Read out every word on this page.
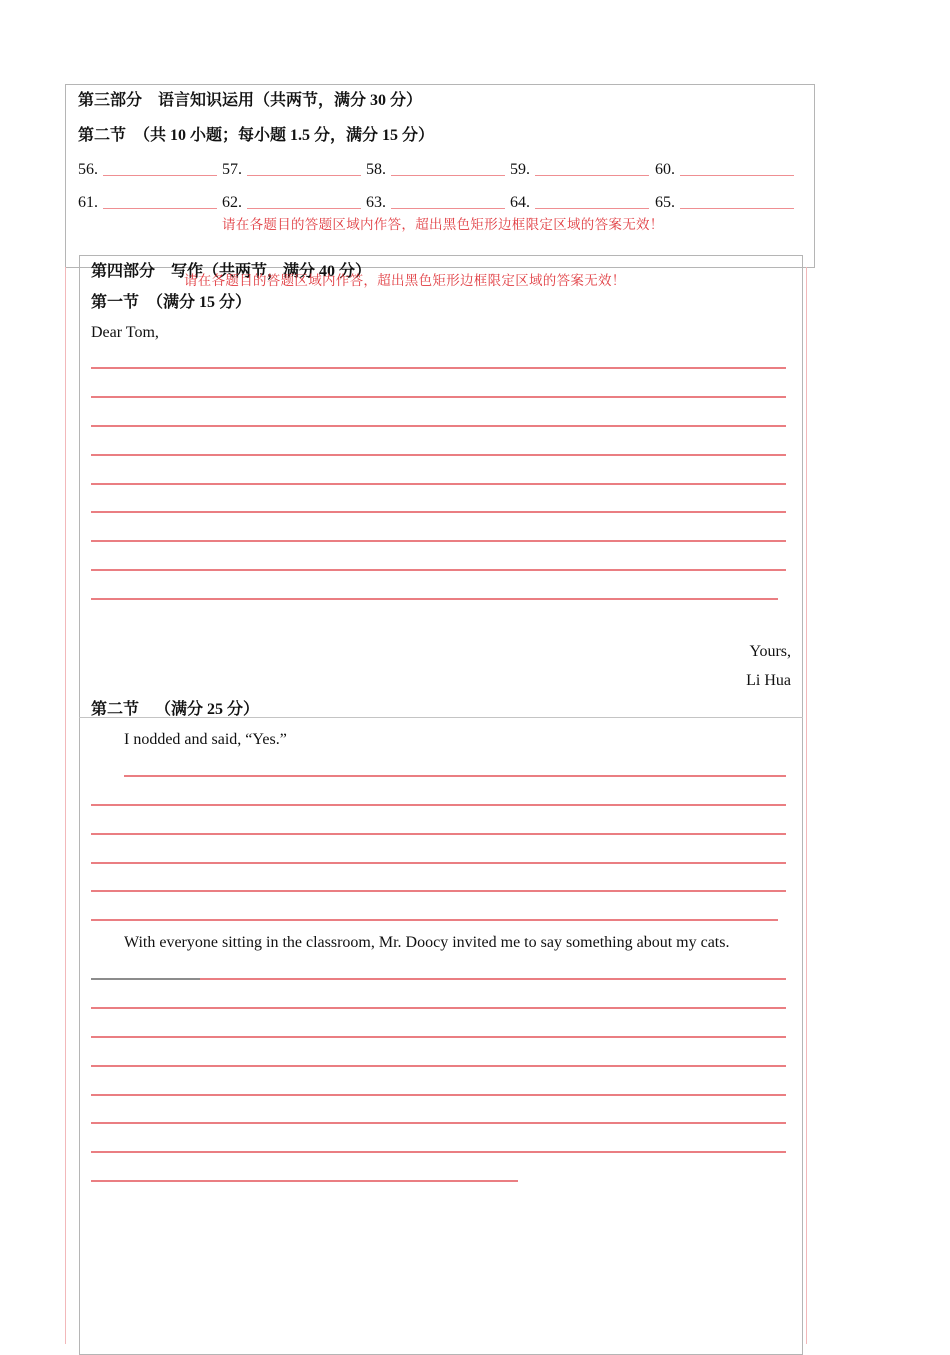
第三部分    语言知识运用（共两节，满分 30 分）
第二节  （共 10 小题；每小题 1.5 分，满分 15 分）
56.	57.	58.	59.	60.
61.	62.	63.	64.	65.
请在各题目的答题区域内作答，超出黑色矩形边框限定区域的答案无效！
第四部分    写作（共两节，满分 40 分）
请在各题目的答题区域内作答，超出黑色矩形边框限定区域的答案无效！
第一节  （满分 15 分）
Dear Tom,
Yours,
Li Hua
第二节    （满分 25 分）
I nodded and said, “Yes.”
With everyone sitting in the classroom, Mr. Doocy invited me to say something about my cats.
